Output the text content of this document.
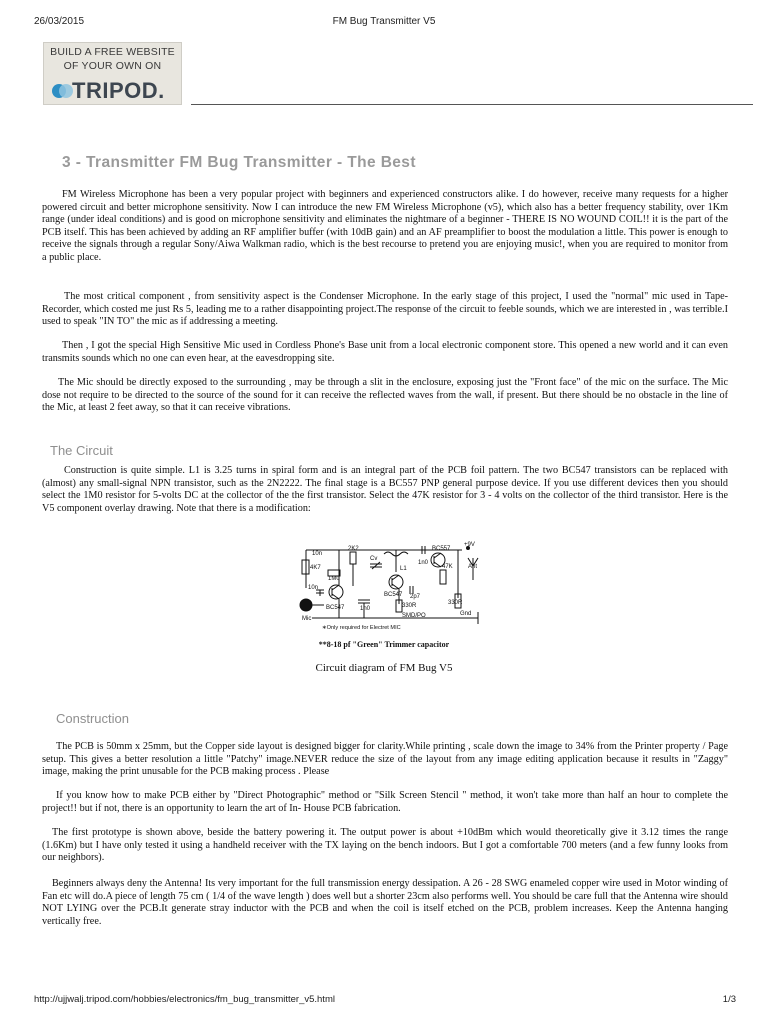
26/03/2015	FM Bug Transmitter V5
BUILD A FREE WEBSITE
OF YOUR OWN ON
TRIPOD.
3 - Transmitter FM Bug Transmitter - The Best

FM Wireless Microphone has been a very popular project with beginners and experienced constructors alike. I do however, receive many requests for a higher powered circuit and better microphone sensitivity. Now I can introduce the new FM Wireless Microphone (v5), which also has a better frequency stability, over 1Km range (under ideal conditions) and is good on microphone sensitivity and eliminates the nightmare of a beginner - THERE IS NO WOUND COIL!! it is the part of the PCB itself. This has been achieved by adding an RF amplifier buffer (with 10dB gain) and an AF preamplifier to boost the modulation a little. This power is enough to receive the signals through a regular Sony/Aiwa Walkman radio, which is the best recourse to pretend you are enjoying music!, when you are required to monitor from a public place.

The most critical component , from sensitivity aspect is the Condenser Microphone. In the early stage of this project, I used the "normal" mic used in Tape-Recorder, which costed me just Rs 5, leading me to a rather disappointing project.The response of the circuit to feeble sounds, which we are interested in , was terrible.I used to speak "IN TO" the mic as if addressing a meeting.

Then , I got the special High Sensitive Mic used in Cordless Phone's Base unit from a local electronic component store. This opened a new world and it can even transmits sounds which no one can even hear, at the eavesdropping site.

The Mic should be directly exposed to the surrounding , may be through a slit in the enclosure, exposing just the "Front face" of the mic on the surface. The Mic dose not require to be directed to the source of the sound for it can receive the reflected waves from the wall, if present. But there should be no obstacle in the line of the Mic, at least 2 feet away, so that it can receive vibrations.

The Circuit

Construction is quite simple. L1 is 3.25 turns in spiral form and is an integral part of the PCB foil pattern. The two BC547 transistors can be replaced with (almost) any small-signal NPN transistor, such as the 2N2222. The final stage is a BC557 PNP general purpose device. If you use different devices then you should select the 1M0 resistor for 5-volts DC at the collector of the the first transistor. Select the 47K resistor for 3 - 4 volts on the collector of the third transistor. Here is the V5 component overlay drawing. Note that there is a modification:

10n
2K2
L1
BC557
+9V
4K7
Cv
1n0
47K	Ant
10n
1M0
BC547
2p7
BC547
330R	330R
1n0
Mic	SMD/PO	Gnd
∗Only required for Electret MIC
**8-18 pf "Green" Trimmer capacitor
Circuit diagram of FM Bug V5
Construction

The PCB is 50mm x 25mm, but the Copper side layout is designed bigger for clarity.While printing , scale down the image to 34% from the Printer property / Page setup. This gives a better resolution a little "Patchy" image.NEVER reduce the size of the layout from any image editing application because it results in "Zaggy" image, making the print unusable for the PCB making process . Please

If you know how to make PCB either by "Direct Photographic" method or "Silk Screen Stencil " method, it won't take more than half an hour to complete the project!! but if not, there is an opportunity to learn the art of In- House PCB fabrication.

The first prototype is shown above, beside the battery powering it. The output power is about +10dBm which would theoretically give it 3.12 times the range (1.6Km) but I have only tested it using a handheld receiver with the TX laying on the bench indoors. But I got a comfortable 700 meters (and a few funny looks from our neighbors).

Beginners always deny the Antenna! Its very important for the full transmission energy dessipation. A 26 - 28 SWG enameled copper wire used in Motor winding of Fan etc will do.A piece of length 75 cm ( 1/4 of the wave length ) does well but a shorter 23cm also performs well. You should be care full that the Antenna wire should NOT LYING over the PCB.It generate stray inductor with the PCB and when the coil is itself etched on the PCB, problem increases. Keep the Antenna hanging vertically free.

http://ujjwalj.tripod.com/hobbies/electronics/fm_bug_transmitter_v5.html	1/3
